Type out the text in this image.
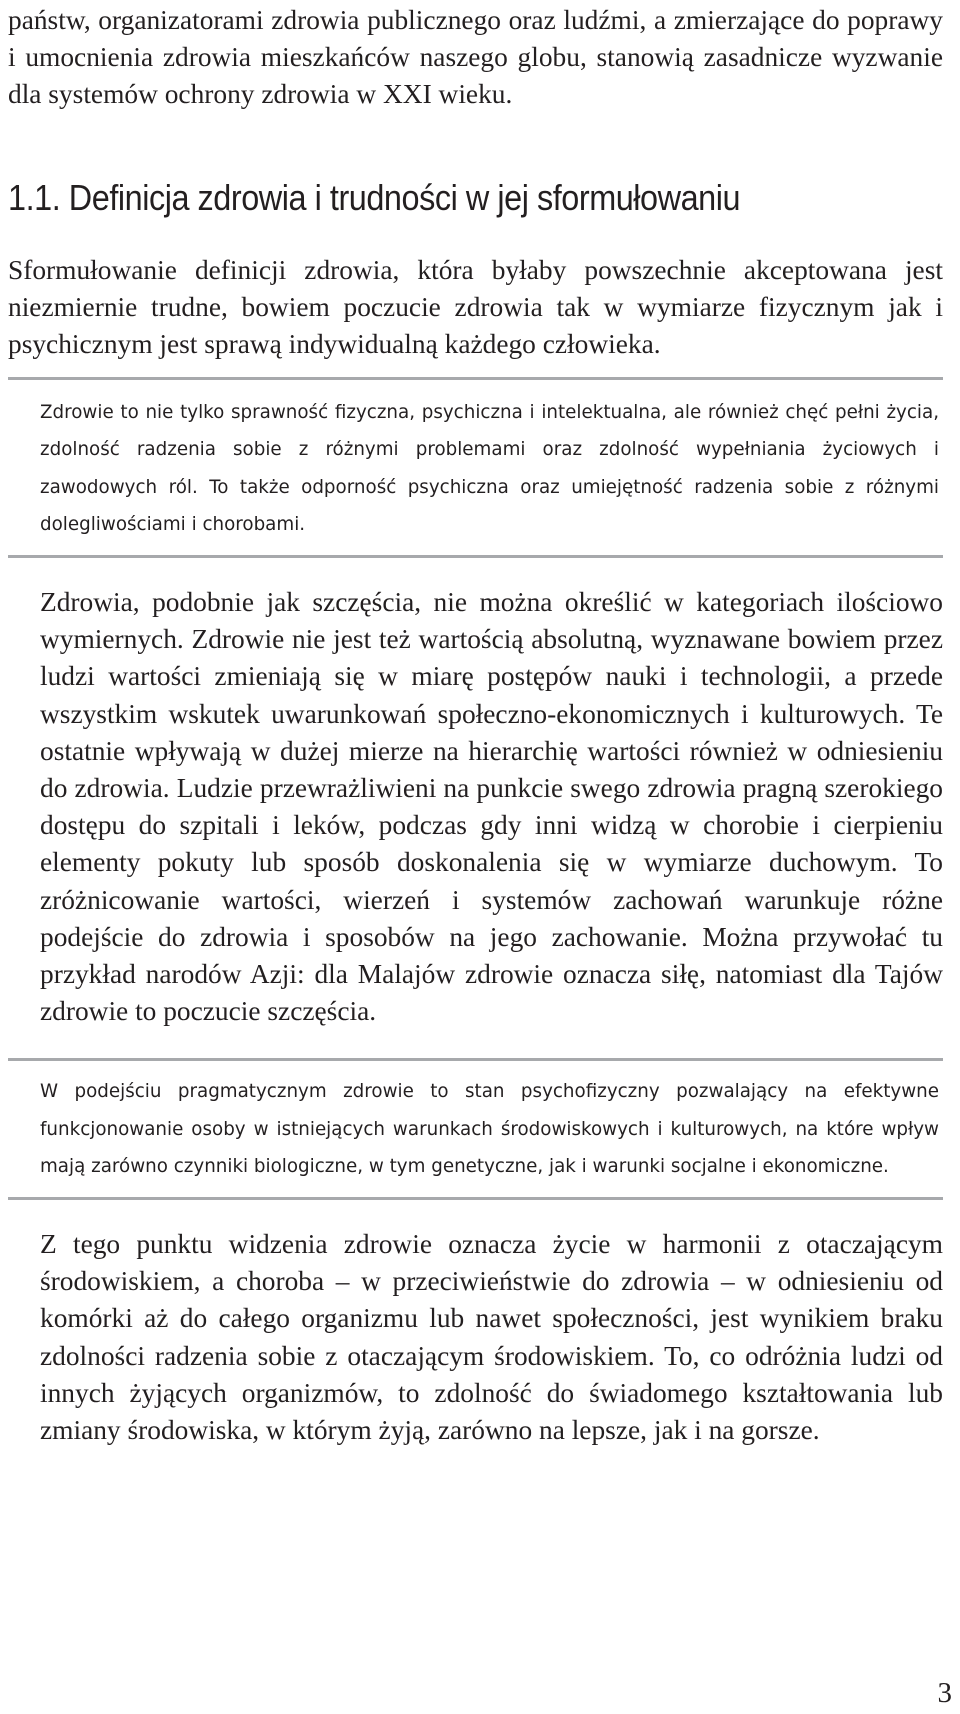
państw, organizatorami zdrowia publicznego oraz ludźmi, a zmierzające do poprawy i umocnienia zdrowia mieszkańców naszego globu, stanowią zasadnicze wyzwanie dla systemów ochrony zdrowia w XXI wieku.

1.1. Definicja zdrowia i trudności w jej sformułowaniu

Sformułowanie definicji zdrowia, która byłaby powszechnie akceptowana jest niezmiernie trudne, bowiem poczucie zdrowia tak w wymiarze fizycznym jak i psychicznym jest sprawą indywidualną każdego człowieka.

Zdrowie to nie tylko sprawność fizyczna, psychiczna i intelektualna, ale również chęć pełni życia, zdolność radzenia sobie z różnymi problemami oraz zdolność wypełniania życiowych i zawodowych ról. To także odporność psychiczna oraz umiejętność radzenia sobie z różnymi dolegliwościami i chorobami.

Zdrowia, podobnie jak szczęścia, nie można określić w kategoriach ilościowo wymiernych. Zdrowie nie jest też wartością absolutną, wyznawane bowiem przez ludzi wartości zmieniają się w miarę postępów nauki i technologii, a przede wszystkim wskutek uwarunkowań społeczno-ekonomicznych i kulturowych. Te ostatnie wpływają w dużej mierze na hierarchię wartości również w odniesieniu do zdrowia. Ludzie przewrażliwieni na punkcie swego zdrowia pragną szerokiego dostępu do szpitali i leków, podczas gdy inni widzą w chorobie i cierpieniu elementy pokuty lub sposób doskonalenia się w wymiarze duchowym. To zróżnicowanie wartości, wierzeń i systemów zachowań warunkuje różne podejście do zdrowia i sposobów na jego zachowanie. Można przywołać tu przykład narodów Azji: dla Malajów zdrowie oznacza siłę, natomiast dla Tajów zdrowie to poczucie szczęścia.

W podejściu pragmatycznym zdrowie to stan psychofizyczny pozwalający na efektywne funkcjonowanie osoby w istniejących warunkach środowiskowych i kulturowych, na które wpływ mają zarówno czynniki biologiczne, w tym genetyczne, jak i warunki socjalne i ekonomiczne.

Z tego punktu widzenia zdrowie oznacza życie w harmonii z otaczającym środowiskiem, a choroba – w przeciwieństwie do zdrowia – w odniesieniu od komórki aż do całego organizmu lub nawet społeczności, jest wynikiem braku zdolności radzenia sobie z otaczającym środowiskiem. To, co odróżnia ludzi od innych żyjących organizmów, to zdolność do świadomego kształtowania lub zmiany środowiska, w którym żyją, zarówno na lepsze, jak i na gorsze.

3
